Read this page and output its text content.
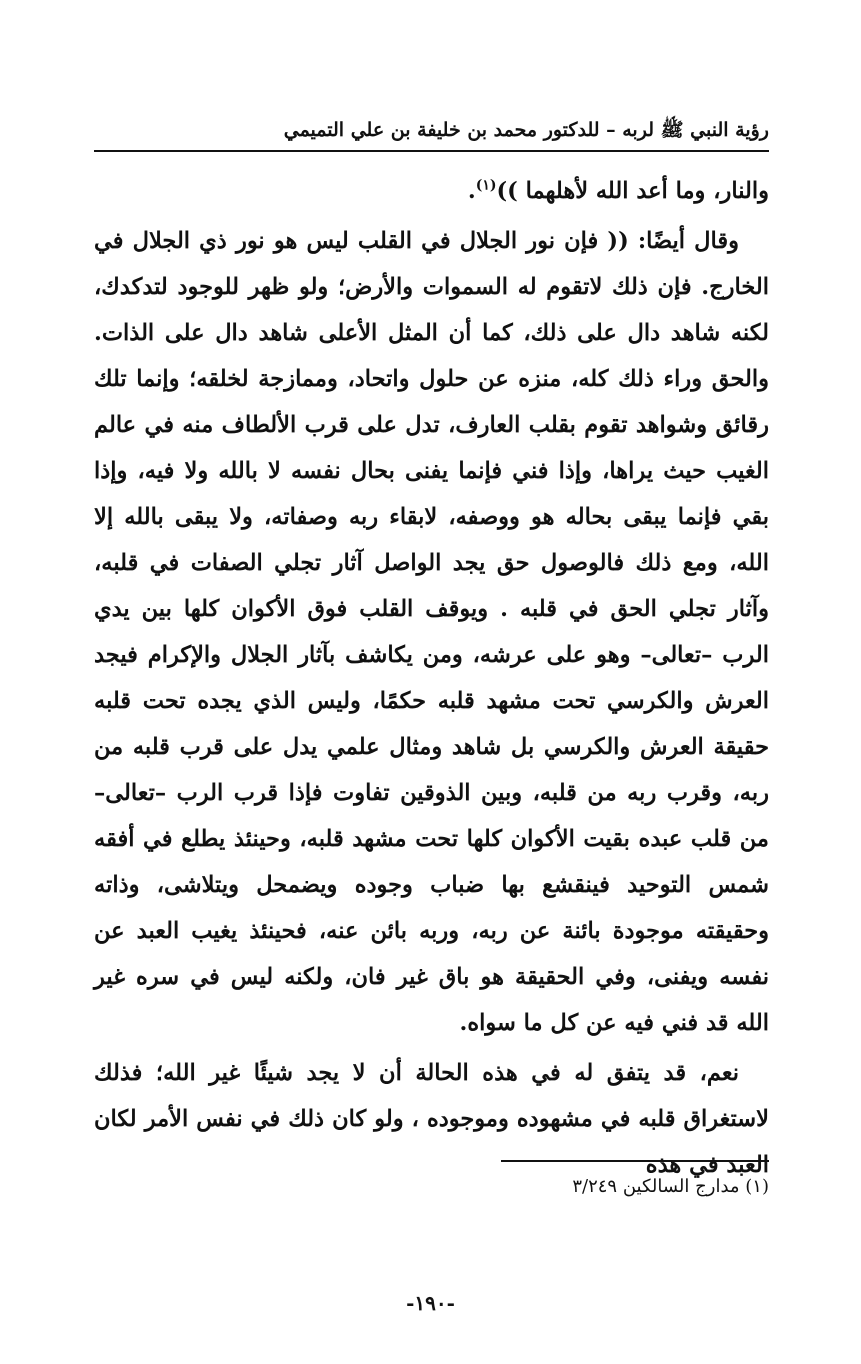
رؤية النبي ﷺ لربه – للدكتور محمد بن خليفة بن علي التميمي

والنار، وما أعد الله لأهلهما ))$^{(١)}$.

وقال أيضًا: (( فإن نور الجلال في القلب ليس هو نور ذي الجلال في الخارج. فإن ذلك لاتقوم له السموات والأرض؛ ولو ظهر للوجود لتدكدك، لكنه شاهد دال على ذلك، كما أن المثل الأعلى شاهد دال على الذات. والحق وراء ذلك كله، منزه عن حلول واتحاد، وممازجة لخلقه؛ وإنما تلك رقائق وشواهد تقوم بقلب العارف، تدل على قرب الألطاف منه في عالم الغيب حيث يراها، وإذا فني فإنما يفنى بحال نفسه لا بالله ولا فيه، وإذا بقي فإنما يبقى بحاله هو ووصفه، لابقاء ربه وصفاته، ولا يبقى بالله إلا الله، ومع ذلك فالوصول حق يجد الواصل آثار تجلي الصفات في قلبه، وآثار تجلي الحق في قلبه . ويوقف القلب فوق الأكوان كلها بين يدي الرب –تعالى– وهو على عرشه، ومن يكاشف بآثار الجلال والإكرام فيجد العرش والكرسي تحت مشهد قلبه حكمًا، وليس الذي يجده تحت قلبه حقيقة العرش والكرسي بل شاهد ومثال علمي يدل على قرب قلبه من ربه، وقرب ربه من قلبه، وبين الذوقين تفاوت فإذا قرب الرب –تعالى– من قلب عبده بقيت الأكوان كلها تحت مشهد قلبه، وحينئذ يطلع في أفقه شمس التوحيد فينقشع بها ضباب وجوده ويضمحل ويتلاشى، وذاته وحقيقته موجودة بائنة عن ربه، وربه بائن عنه، فحينئذ يغيب العبد عن نفسه ويفنى، وفي الحقيقة هو باق غير فان، ولكنه ليس في سره غير الله قد فني فيه عن كل ما سواه.

نعم، قد يتفق له في هذه الحالة أن لا يجد شيئًا غير الله؛ فذلك لاستغراق قلبه في مشهوده وموجوده ، ولو كان ذلك في نفس الأمر لكان العبد في هذه

(١) مدارج السالكين ٣/٢٤٩
-١٩٠-
